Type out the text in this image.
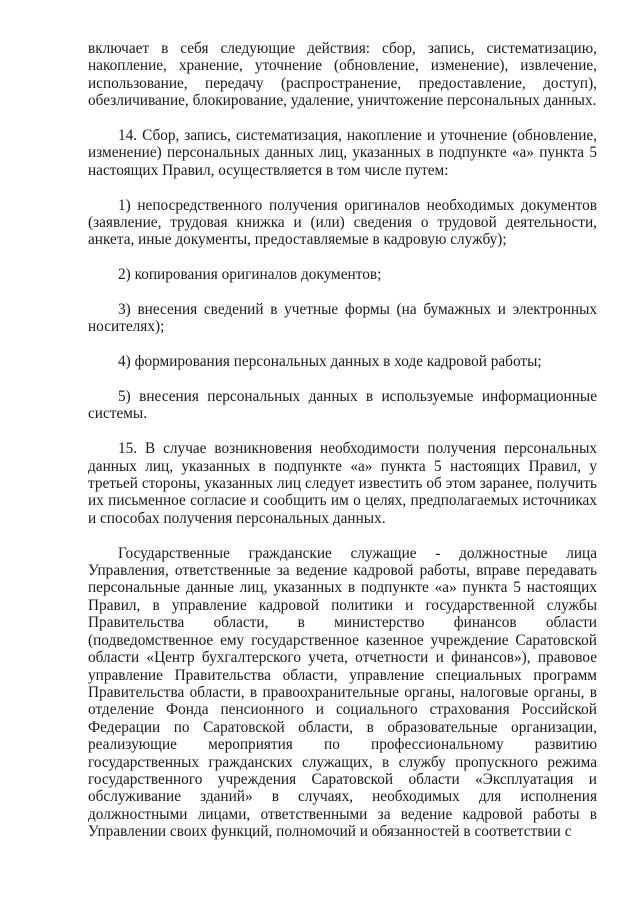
включает в себя следующие действия: сбор, запись, систематизацию, накопление, хранение, уточнение (обновление, изменение), извлечение, использование, передачу (распространение, предоставление, доступ), обезличивание, блокирование, удаление, уничтожение персональных данных.

14. Сбор, запись, систематизация, накопление и уточнение (обновление, изменение) персональных данных лиц, указанных в подпункте «а» пункта 5 настоящих Правил, осуществляется в том числе путем:

1) непосредственного получения оригиналов необходимых документов (заявление, трудовая книжка и (или) сведения о трудовой деятельности, анкета, иные документы, предоставляемые в кадровую службу);

2) копирования оригиналов документов;

3) внесения сведений в учетные формы (на бумажных и электронных носителях);

4) формирования персональных данных в ходе кадровой работы;

5) внесения персональных данных в используемые информационные системы.

15. В случае возникновения необходимости получения персональных данных лиц, указанных в подпункте «а» пункта 5 настоящих Правил, у третьей стороны, указанных лиц следует известить об этом заранее, получить их письменное согласие и сообщить им о целях, предполагаемых источниках и способах получения персональных данных.

Государственные гражданские служащие - должностные лица Управления, ответственные за ведение кадровой работы, вправе передавать персональные данные лиц, указанных в подпункте «а» пункта 5 настоящих Правил, в управление кадровой политики и государственной службы Правительства области, в министерство финансов области (подведомственное ему государственное казенное учреждение Саратовской области «Центр бухгалтерского учета, отчетности и финансов»), правовое управление Правительства области, управление специальных программ Правительства области, в правоохранительные органы, налоговые органы, в отделение Фонда пенсионного и социального страхования Российской Федерации по Саратовской области, в образовательные организации, реализующие мероприятия по профессиональному развитию государственных гражданских служащих, в службу пропускного режима государственного учреждения Саратовской области «Эксплуатация и обслуживание зданий» в случаях, необходимых для исполнения должностными лицами, ответственными за ведение кадровой работы в Управлении своих функций, полномочий и обязанностей в соответствии с
